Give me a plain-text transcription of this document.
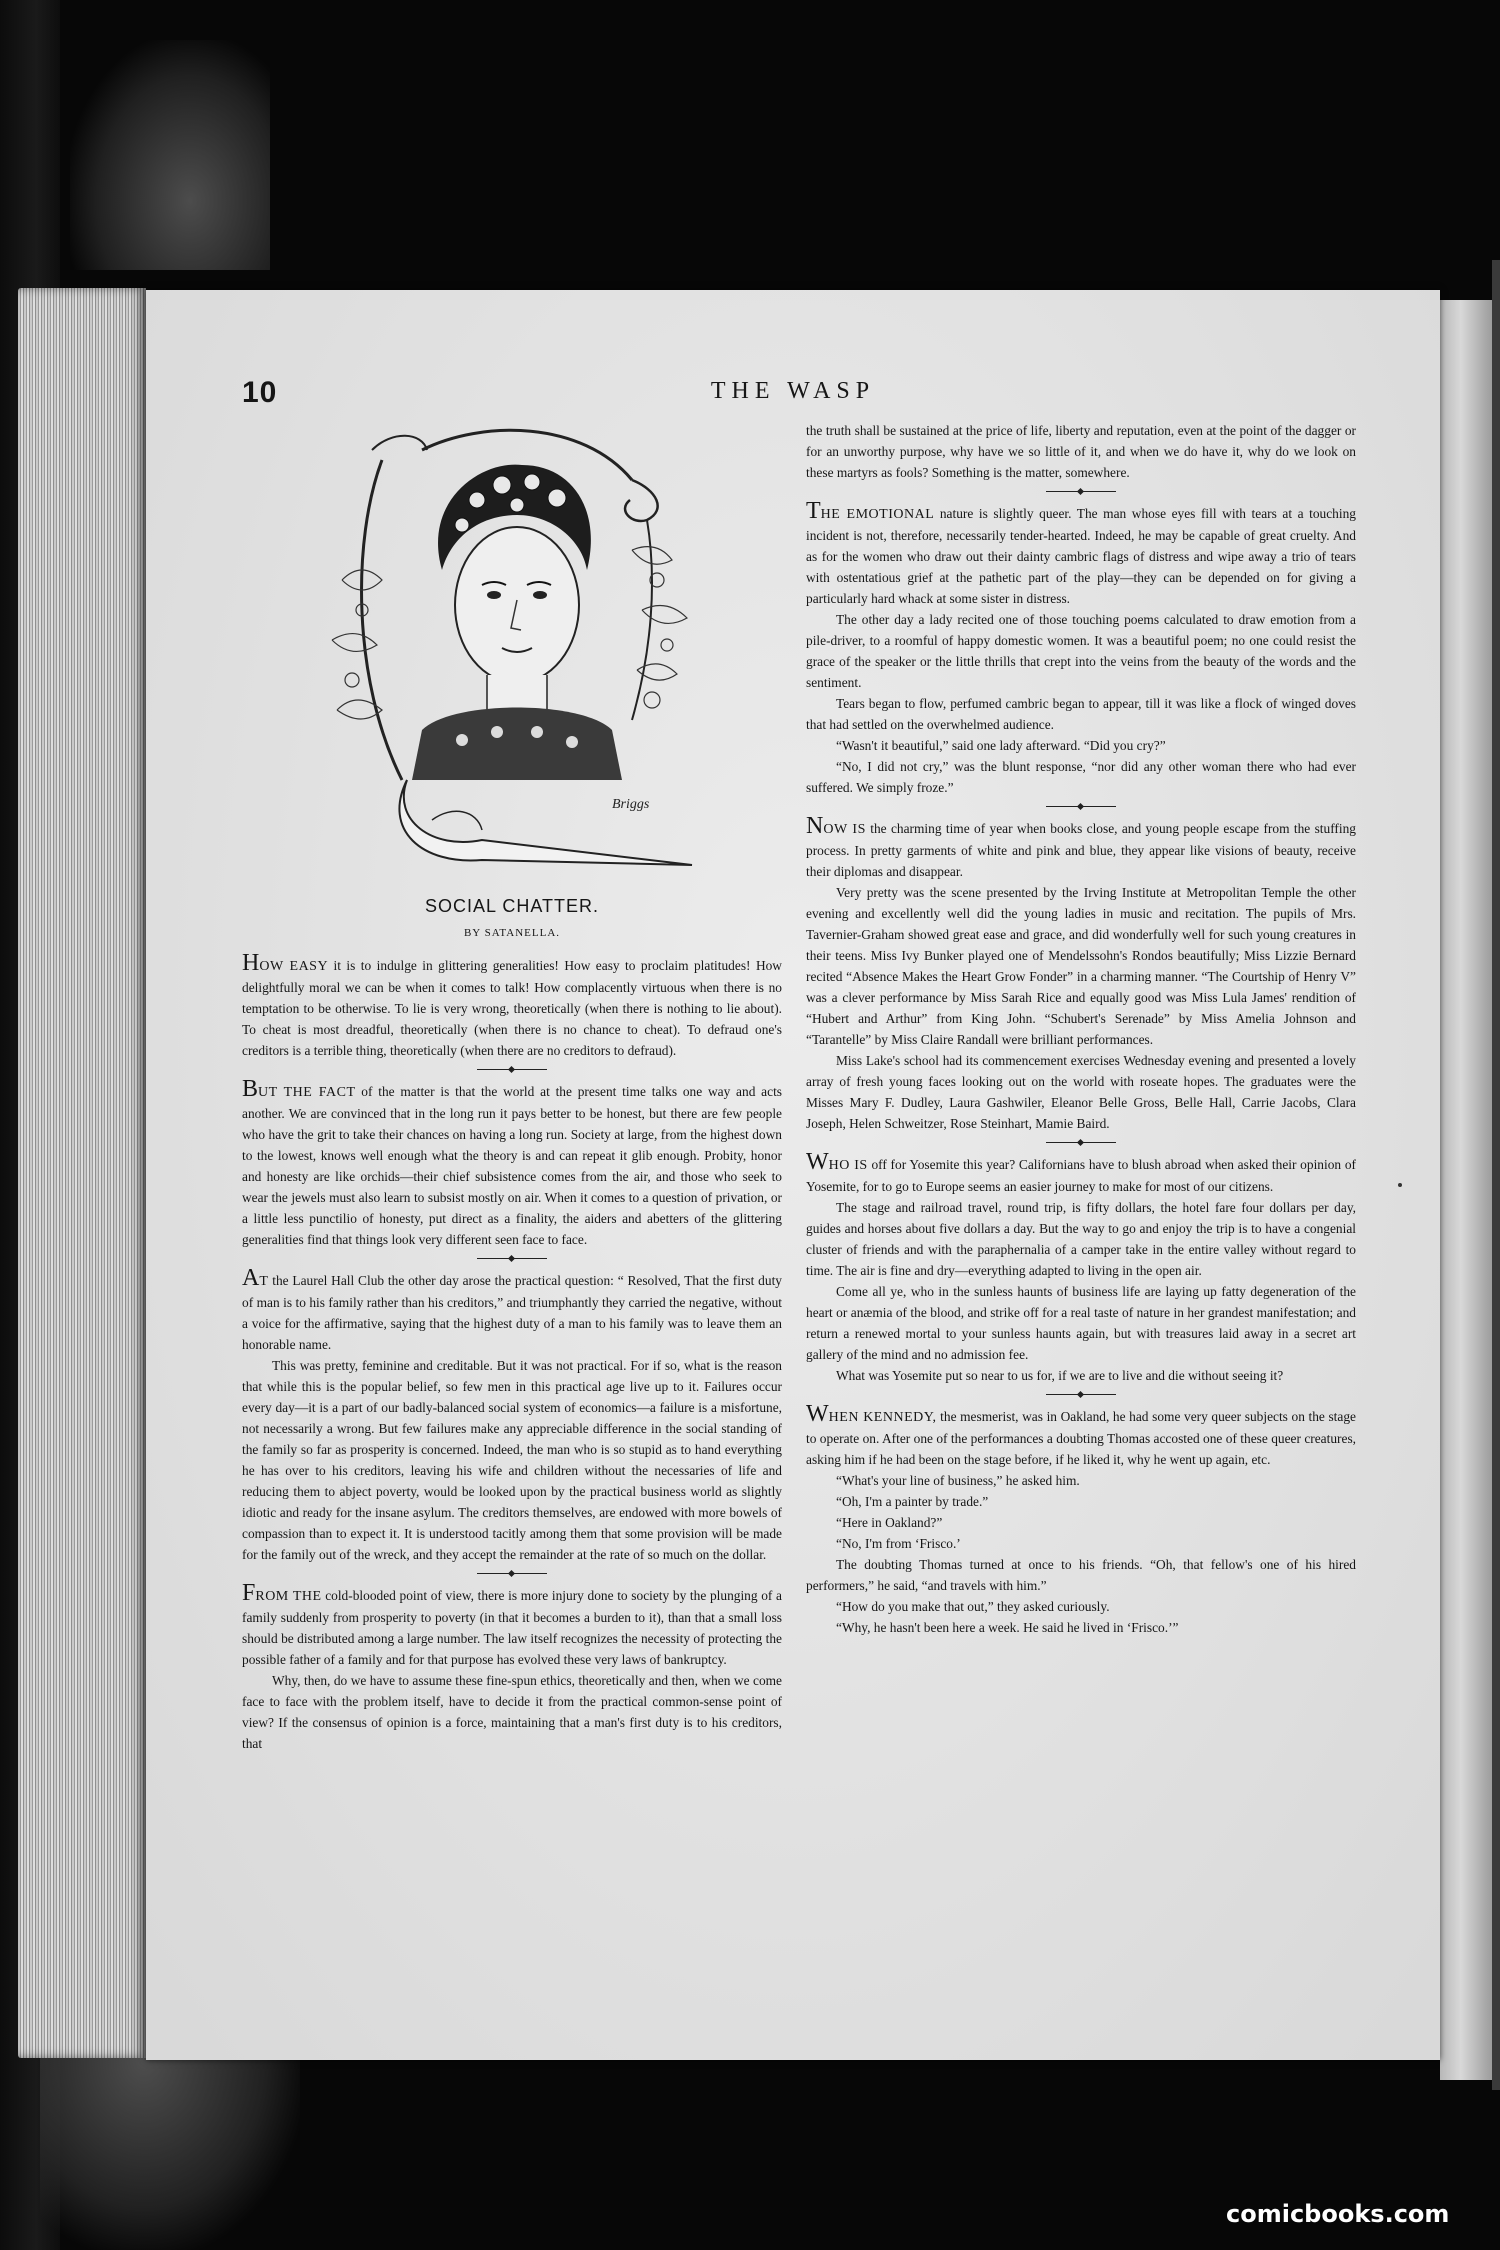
10	THE WASP
Briggs
SOCIAL CHATTER.
BY SATANELLA.

HOW EASY it is to indulge in glittering generalities! How easy to proclaim platitudes! How delightfully moral we can be when it comes to talk! How complacently virtuous when there is no temptation to be otherwise. To lie is very wrong, theoretically (when there is nothing to lie about). To cheat is most dreadful, theoretically (when there is no chance to cheat). To defraud one's creditors is a terrible thing, theoretically (when there are no creditors to defraud).

BUT THE FACT of the matter is that the world at the present time talks one way and acts another. We are convinced that in the long run it pays better to be honest, but there are few people who have the grit to take their chances on having a long run. Society at large, from the highest down to the lowest, knows well enough what the theory is and can repeat it glib enough. Probity, honor and honesty are like orchids—their chief subsistence comes from the air, and those who seek to wear the jewels must also learn to subsist mostly on air. When it comes to a question of privation, or a little less punctilio of honesty, put direct as a finality, the aiders and abetters of the glittering generalities find that things look very different seen face to face.

AT the Laurel Hall Club the other day arose the practical question: “ Resolved, That the first duty of man is to his family rather than his creditors,” and triumphantly they carried the negative, without a voice for the affirmative, saying that the highest duty of a man to his family was to leave them an honorable name.

This was pretty, feminine and creditable. But it was not practical. For if so, what is the reason that while this is the popular belief, so few men in this practical age live up to it. Failures occur every day—it is a part of our badly-balanced social system of economics—a failure is a misfortune, not necessarily a wrong. But few failures make any appreciable difference in the social standing of the family so far as prosperity is concerned. Indeed, the man who is so stupid as to hand everything he has over to his creditors, leaving his wife and children without the necessaries of life and reducing them to abject poverty, would be looked upon by the practical business world as slightly idiotic and ready for the insane asylum. The creditors themselves, are endowed with more bowels of compassion than to expect it. It is understood tacitly among them that some provision will be made for the family out of the wreck, and they accept the remainder at the rate of so much on the dollar.

FROM THE cold-blooded point of view, there is more injury done to society by the plunging of a family suddenly from prosperity to poverty (in that it becomes a burden to it), than that a small loss should be distributed among a large number. The law itself recognizes the necessity of protecting the possible father of a family and for that purpose has evolved these very laws of bankruptcy.

Why, then, do we have to assume these fine-spun ethics, theoretically and then, when we come face to face with the problem itself, have to decide it from the practical common-sense point of view? If the consensus of opinion is a force, maintaining that a man's first duty is to his creditors, that

the truth shall be sustained at the price of life, liberty and reputation, even at the point of the dagger or for an unworthy purpose, why have we so little of it, and when we do have it, why do we look on these martyrs as fools? Something is the matter, somewhere.

THE EMOTIONAL nature is slightly queer. The man whose eyes fill with tears at a touching incident is not, therefore, necessarily tender-hearted. Indeed, he may be capable of great cruelty. And as for the women who draw out their dainty cambric flags of distress and wipe away a trio of tears with ostentatious grief at the pathetic part of the play—they can be depended on for giving a particularly hard whack at some sister in distress.

The other day a lady recited one of those touching poems calculated to draw emotion from a pile-driver, to a roomful of happy domestic women. It was a beautiful poem; no one could resist the grace of the speaker or the little thrills that crept into the veins from the beauty of the words and the sentiment.

Tears began to flow, perfumed cambric began to appear, till it was like a flock of winged doves that had settled on the overwhelmed audience.

“Wasn't it beautiful,” said one lady afterward. “Did you cry?”

“No, I did not cry,” was the blunt response, “nor did any other woman there who had ever suffered. We simply froze.”

NOW IS the charming time of year when books close, and young people escape from the stuffing process. In pretty garments of white and pink and blue, they appear like visions of beauty, receive their diplomas and disappear.

Very pretty was the scene presented by the Irving Institute at Metropolitan Temple the other evening and excellently well did the young ladies in music and recitation. The pupils of Mrs. Tavernier-Graham showed great ease and grace, and did wonderfully well for such young creatures in their teens. Miss Ivy Bunker played one of Mendelssohn's Rondos beautifully; Miss Lizzie Bernard recited “Absence Makes the Heart Grow Fonder” in a charming manner. “The Courtship of Henry V” was a clever performance by Miss Sarah Rice and equally good was Miss Lula James' rendition of “Hubert and Arthur” from King John. “Schubert's Serenade” by Miss Amelia Johnson and “Tarantelle” by Miss Claire Randall were brilliant performances.

Miss Lake's school had its commencement exercises Wednesday evening and presented a lovely array of fresh young faces looking out on the world with roseate hopes. The graduates were the Misses Mary F. Dudley, Laura Gashwiler, Eleanor Belle Gross, Belle Hall, Carrie Jacobs, Clara Joseph, Helen Schweitzer, Rose Steinhart, Mamie Baird.

WHO IS off for Yosemite this year? Californians have to blush abroad when asked their opinion of Yosemite, for to go to Europe seems an easier journey to make for most of our citizens.

The stage and railroad travel, round trip, is fifty dollars, the hotel fare four dollars per day, guides and horses about five dollars a day. But the way to go and enjoy the trip is to have a congenial cluster of friends and with the paraphernalia of a camper take in the entire valley without regard to time. The air is fine and dry—everything adapted to living in the open air.

Come all ye, who in the sunless haunts of business life are laying up fatty degeneration of the heart or anæmia of the blood, and strike off for a real taste of nature in her grandest manifestation; and return a renewed mortal to your sunless haunts again, but with treasures laid away in a secret art gallery of the mind and no admission fee.

What was Yosemite put so near to us for, if we are to live and die without seeing it?

WHEN KENNEDY, the mesmerist, was in Oakland, he had some very queer subjects on the stage to operate on. After one of the performances a doubting Thomas accosted one of these queer creatures, asking him if he had been on the stage before, if he liked it, why he went up again, etc.

“What's your line of business,” he asked him.

“Oh, I'm a painter by trade.”

“Here in Oakland?”

“No, I'm from ‘Frisco.’

The doubting Thomas turned at once to his friends. “Oh, that fellow's one of his hired performers,” he said, “and travels with him.”

“How do you make that out,” they asked curiously.

“Why, he hasn't been here a week. He said he lived in ‘Frisco.’”

comicbooks.com
